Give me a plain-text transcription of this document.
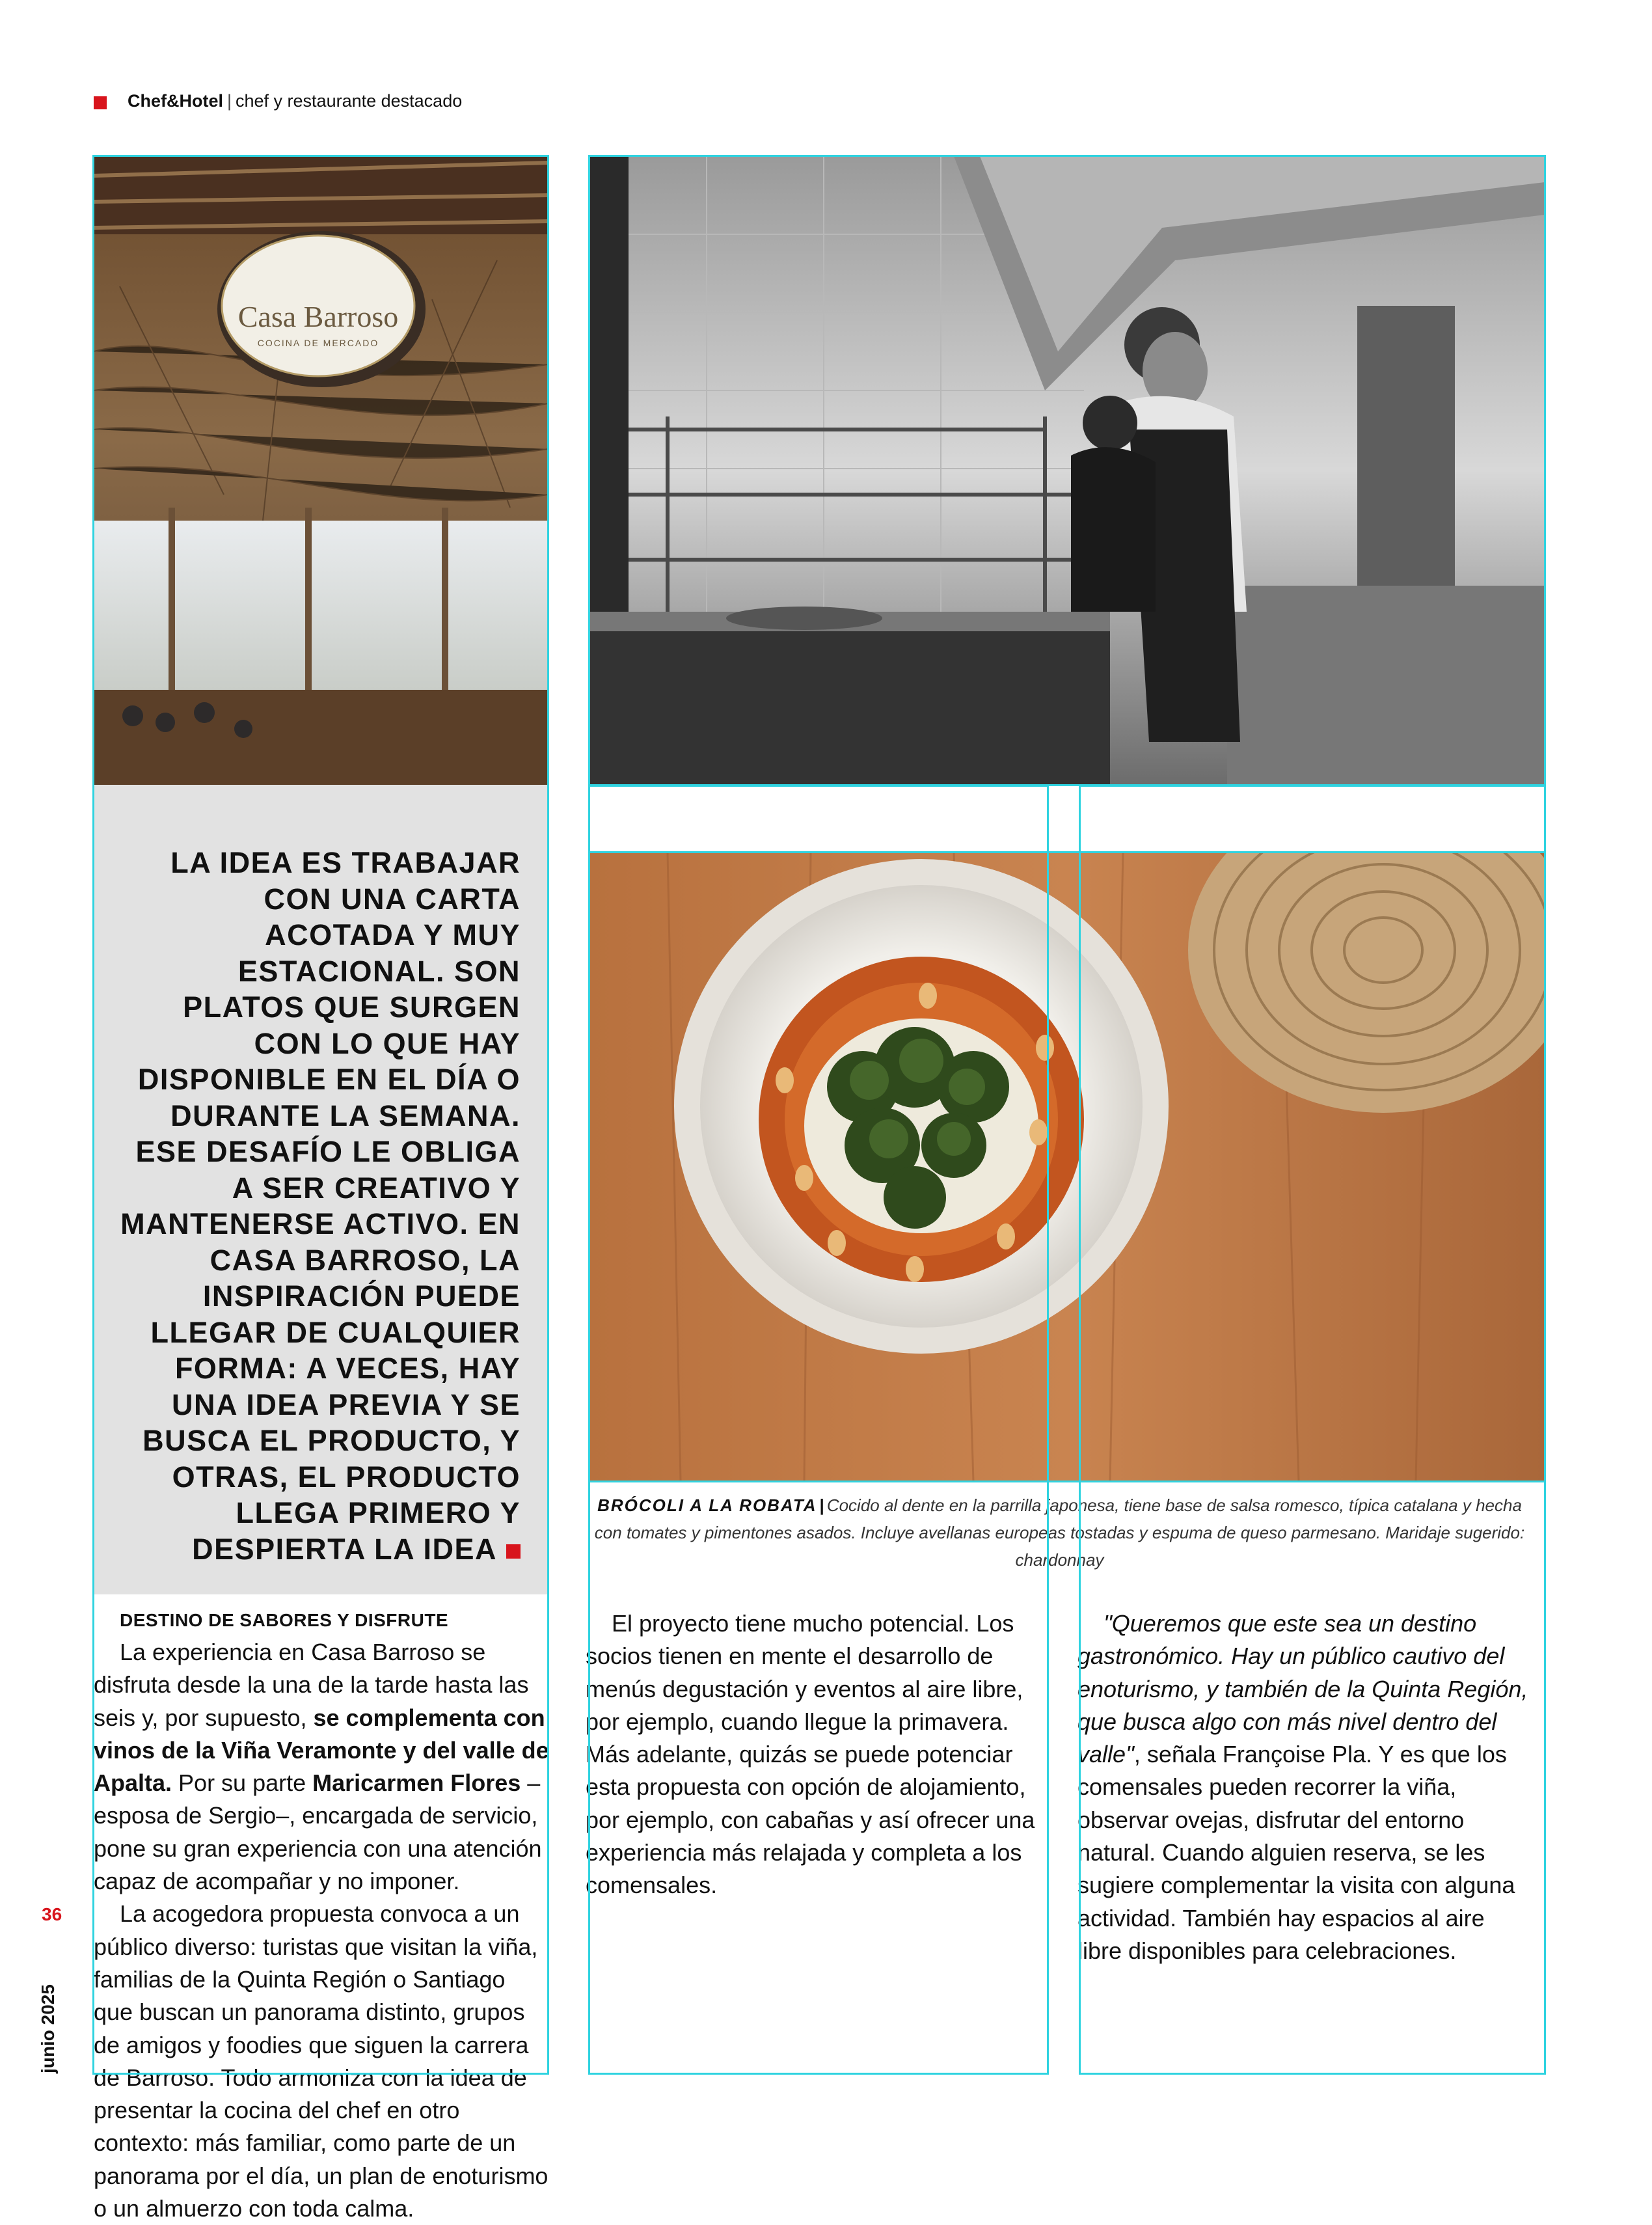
Chef&Hotel | chef y restaurante destacado
Casa Barroso
COCINA DE MERCADO
LA IDEA ES TRABAJAR CON UNA CARTA ACOTADA Y MUY ESTACIONAL. SON PLATOS QUE SURGEN CON LO QUE HAY DISPONIBLE EN EL DÍA O DURANTE LA SEMANA. ESE DESAFÍO LE OBLIGA A SER CREATIVO Y MANTENERSE ACTIVO. EN CASA BARROSO, LA INSPIRACIÓN PUEDE LLEGAR DE CUALQUIER FORMA: A VECES, HAY UNA IDEA PREVIA Y SE BUSCA EL PRODUCTO, Y OTRAS, EL PRODUCTO LLEGA PRIMERO Y DESPIERTA LA IDEA
BRÓCOLI A LA ROBATA | Cocido al dente en la parrilla japonesa, tiene base de salsa romesco, típica catalana y hecha con tomates y pimentones asados. Incluye avellanas europeas tostadas y espuma de queso parmesano. Maridaje sugerido: chardonnay
DESTINO DE SABORES Y DISFRUTE

La experiencia en Casa Barroso se disfruta desde la una de la tarde hasta las seis y, por supuesto, se complementa con vinos de la Viña Veramonte y del valle de Apalta. Por su parte Maricarmen Flores –esposa de Sergio–, encargada de servicio, pone su gran experiencia con una atención capaz de acompañar y no imponer.

La acogedora propuesta convoca a un público diverso: turistas que visitan la viña, familias de la Quinta Región o Santiago que buscan un panorama distinto, grupos de amigos y foodies que siguen la carrera de Barroso. Todo armoniza con la idea de presentar la cocina del chef en otro contexto: más familiar, como parte de un panorama por el día, un plan de enoturismo o un almuerzo con toda calma.

El proyecto tiene mucho potencial. Los socios tienen en mente el desarrollo de menús degustación y eventos al aire libre, por ejemplo, cuando llegue la primavera. Más adelante, quizás se puede potenciar esta propuesta con opción de alojamiento, por ejemplo, con cabañas y así ofrecer una experiencia más relajada y completa a los comensales.

"Queremos que este sea un destino gastronómico. Hay un público cautivo del enoturismo, y también de la Quinta Región, que busca algo con más nivel dentro del valle", señala Françoise Pla. Y es que los comensales pueden recorrer la viña, observar ovejas, disfrutar del entorno natural. Cuando alguien reserva, se les sugiere complementar la visita con alguna actividad. También hay espacios al aire libre disponibles para celebraciones.

36
junio 2025
